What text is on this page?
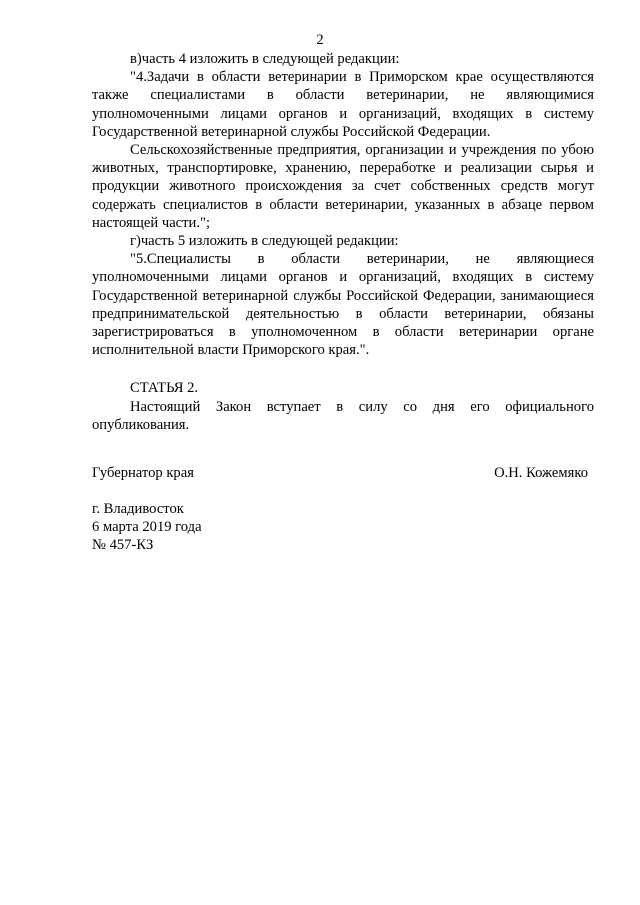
2

в)часть 4 изложить в следующей редакции:

"4.Задачи в области ветеринарии в Приморском крае осуществляются также специалистами в области ветеринарии, не являющимися уполномоченными лицами органов и организаций, входящих в систему Государственной ветеринарной службы Российской Федерации.

Сельскохозяйственные предприятия, организации и учреждения по убою животных, транспортировке, хранению, переработке и реализации сырья и продукции животного происхождения за счет собственных средств могут содержать специалистов в области ветеринарии, указанных в абзаце первом настоящей части.";

г)часть 5 изложить в следующей редакции:

"5.Специалисты в области ветеринарии, не являющиеся уполномоченными лицами органов и организаций, входящих в систему Государственной ветеринарной службы Российской Федерации, занимающиеся предпринимательской деятельностью в области ветеринарии, обязаны зарегистрироваться в уполномоченном в области ветеринарии органе исполнительной власти Приморского края.".

СТАТЬЯ 2.

Настоящий Закон вступает в силу со дня его официального опубликования.

Губернатор края	О.Н. Кожемяко

г. Владивосток

6 марта 2019 года

№ 457-КЗ
